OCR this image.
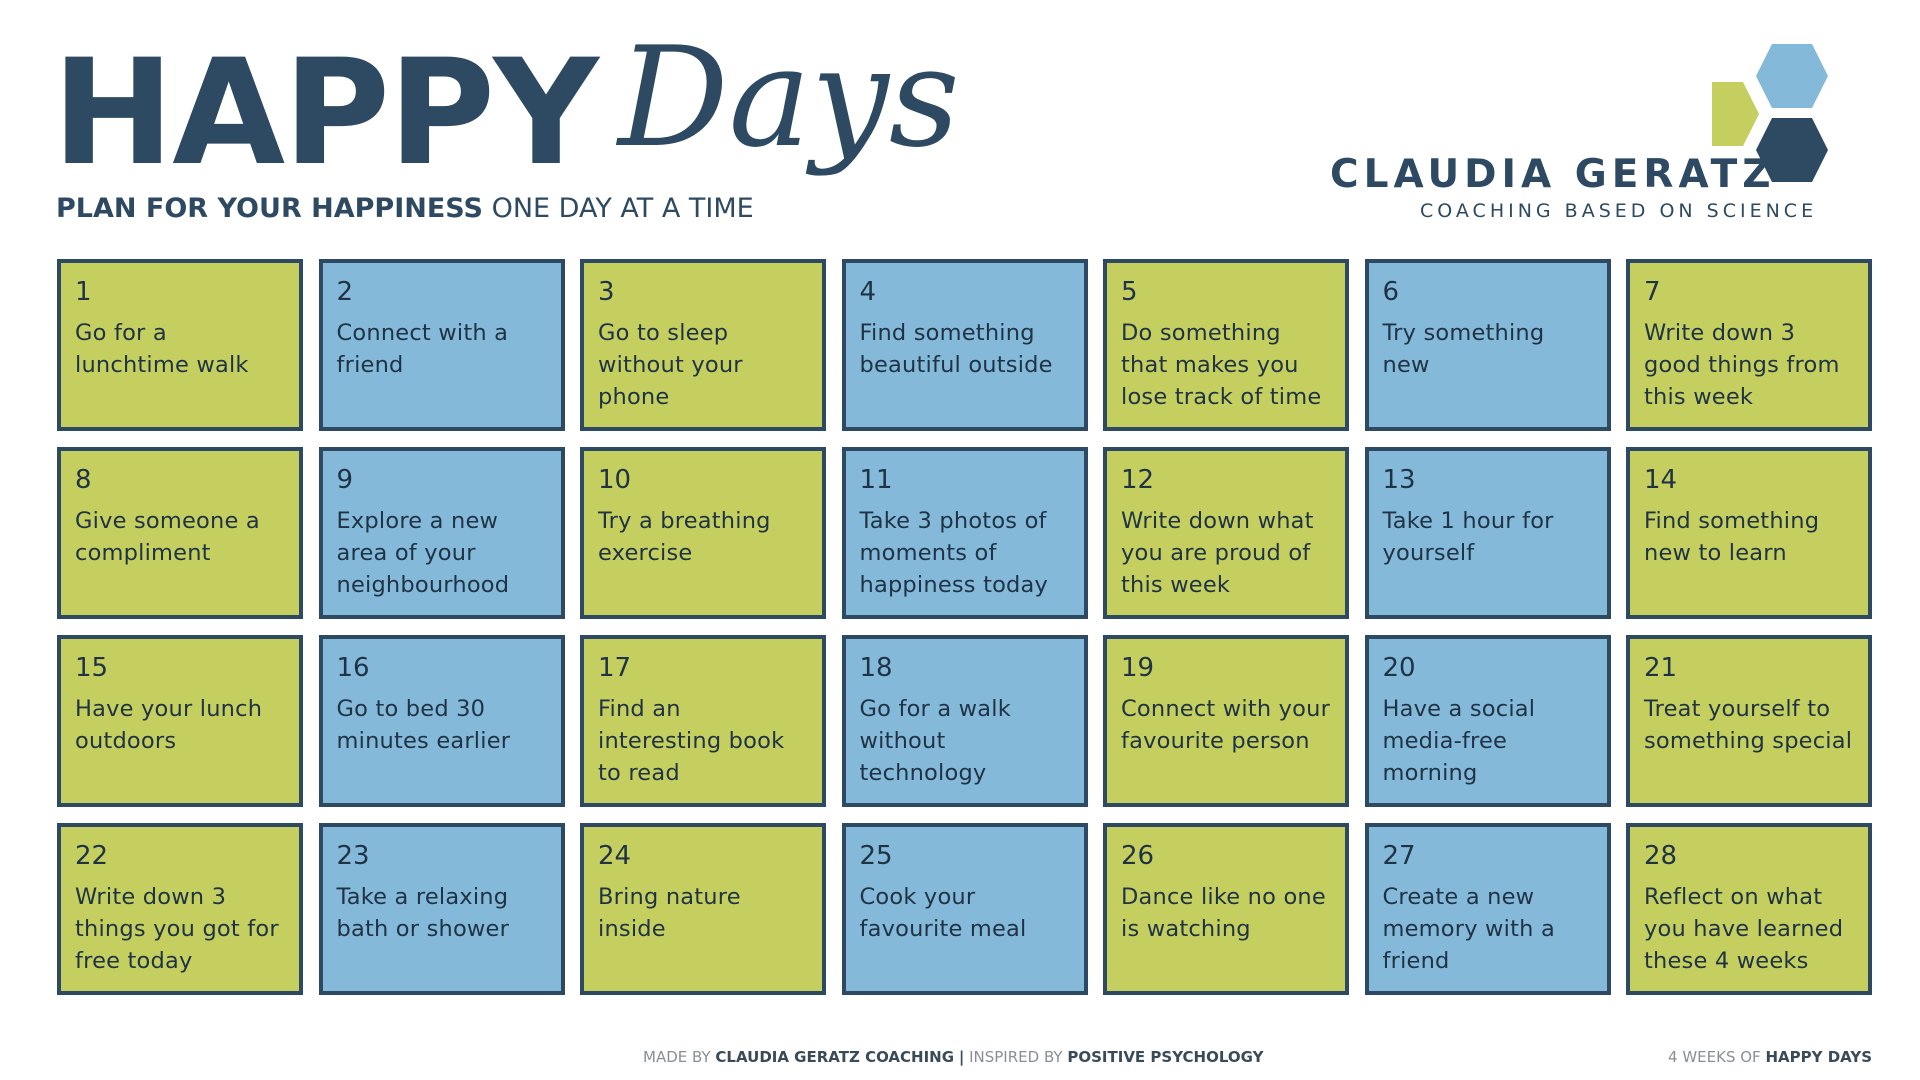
HAPPY Days
PLAN FOR YOUR HAPPINESS ONE DAY AT A TIME
CLAUDIA GERATZ
COACHING BASED ON SCIENCE
1
Go for a lunchtime walk
2
Connect with a friend
3
Go to sleep without your phone
4
Find something beautiful outside
5
Do something that makes you lose track of time
6
Try something new
7
Write down 3 good things from this week
8
Give someone a compliment
9
Explore a new area of your neighbourhood
10
Try a breathing exercise
11
Take 3 photos of moments of happiness today
12
Write down what you are proud of this week
13
Take 1 hour for yourself
14
Find something new to learn
15
Have your lunch outdoors
16
Go to bed 30 minutes earlier
17
Find an interesting book to read
18
Go for a walk without technology
19
Connect with your favourite person
20
Have a social media-free morning
21
Treat yourself to something special
22
Write down 3 things you got for free today
23
Take a relaxing bath or shower
24
Bring nature inside
25
Cook your favourite meal
26
Dance like no one is watching
27
Create a new memory with a friend
28
Reflect on what you have learned these 4 weeks
MADE BY CLAUDIA GERATZ COACHING | INSPIRED BY POSITIVE PSYCHOLOGY	4 WEEKS OF HAPPY DAYS
